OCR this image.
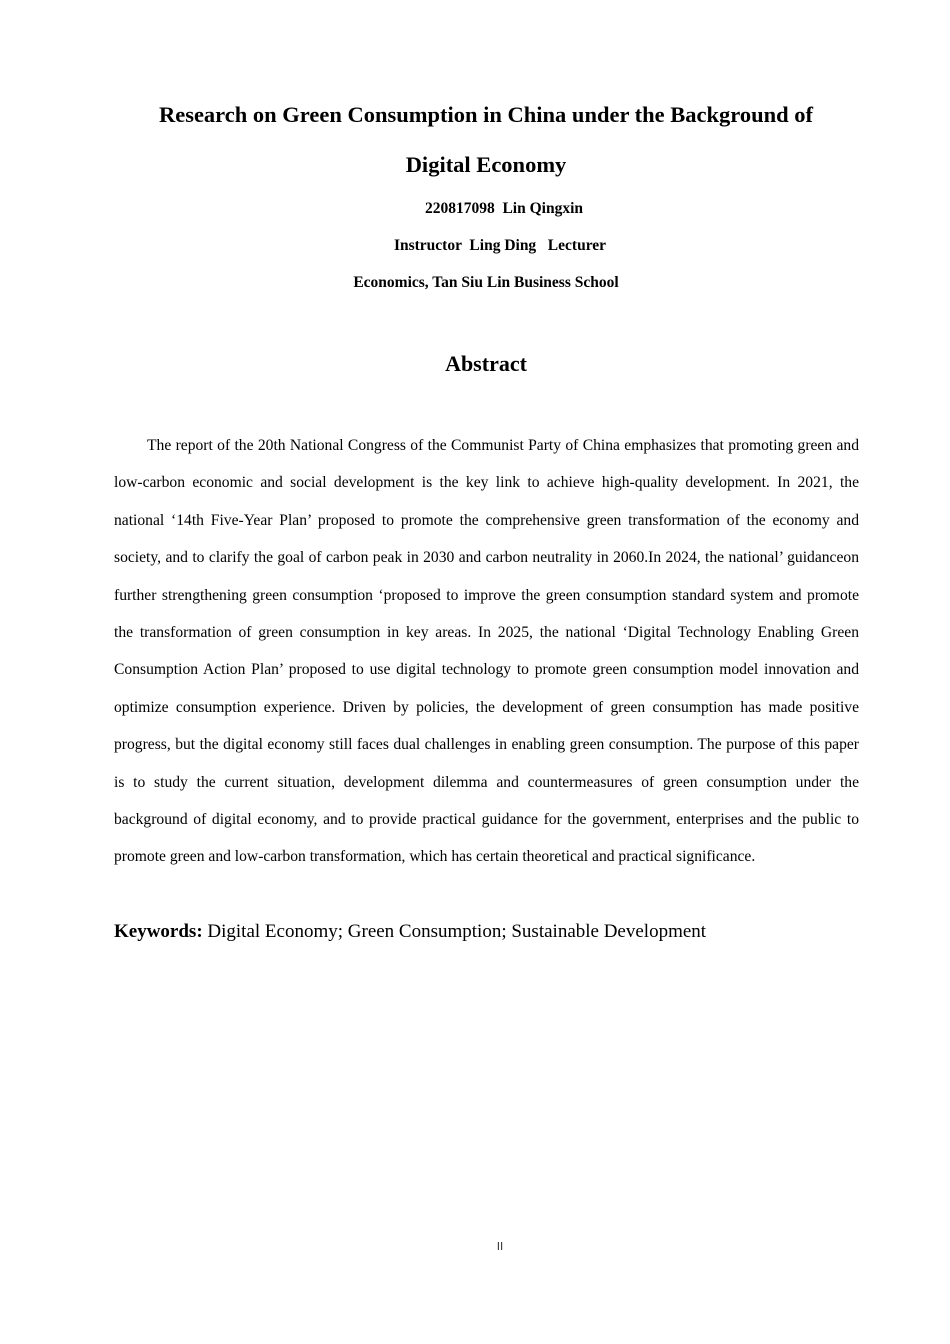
Research on Green Consumption in China under the Background of
Digital Economy

220817098  Lin Qingxin

Instructor  Ling Ding   Lecturer

Economics, Tan Siu Lin Business School

Abstract

The report of the 20th National Congress of the Communist Party of China emphasizes that promoting green and low-carbon economic and social development is the key link to achieve high-quality development. In 2021, the national ‘14th Five-Year Plan’ proposed to promote the comprehensive green transformation of the economy and society, and to clarify the goal of carbon peak in 2030 and carbon neutrality in 2060.In 2024, the national’ guidanceon further strengthening green consumption ‘proposed to improve the green consumption standard system and promote the transformation of green consumption in key areas. In 2025, the national ‘Digital Technology Enabling Green Consumption Action Plan’ proposed to use digital technology to promote green consumption model innovation and optimize consumption experience. Driven by policies, the development of green consumption has made positive progress, but the digital economy still faces dual challenges in enabling green consumption. The purpose of this paper is to study the current situation, development dilemma and countermeasures of green consumption under the background of digital economy, and to provide practical guidance for the government, enterprises and the public to promote green and low-carbon transformation, which has certain theoretical and practical significance.

Keywords: Digital Economy; Green Consumption; Sustainable Development

II
